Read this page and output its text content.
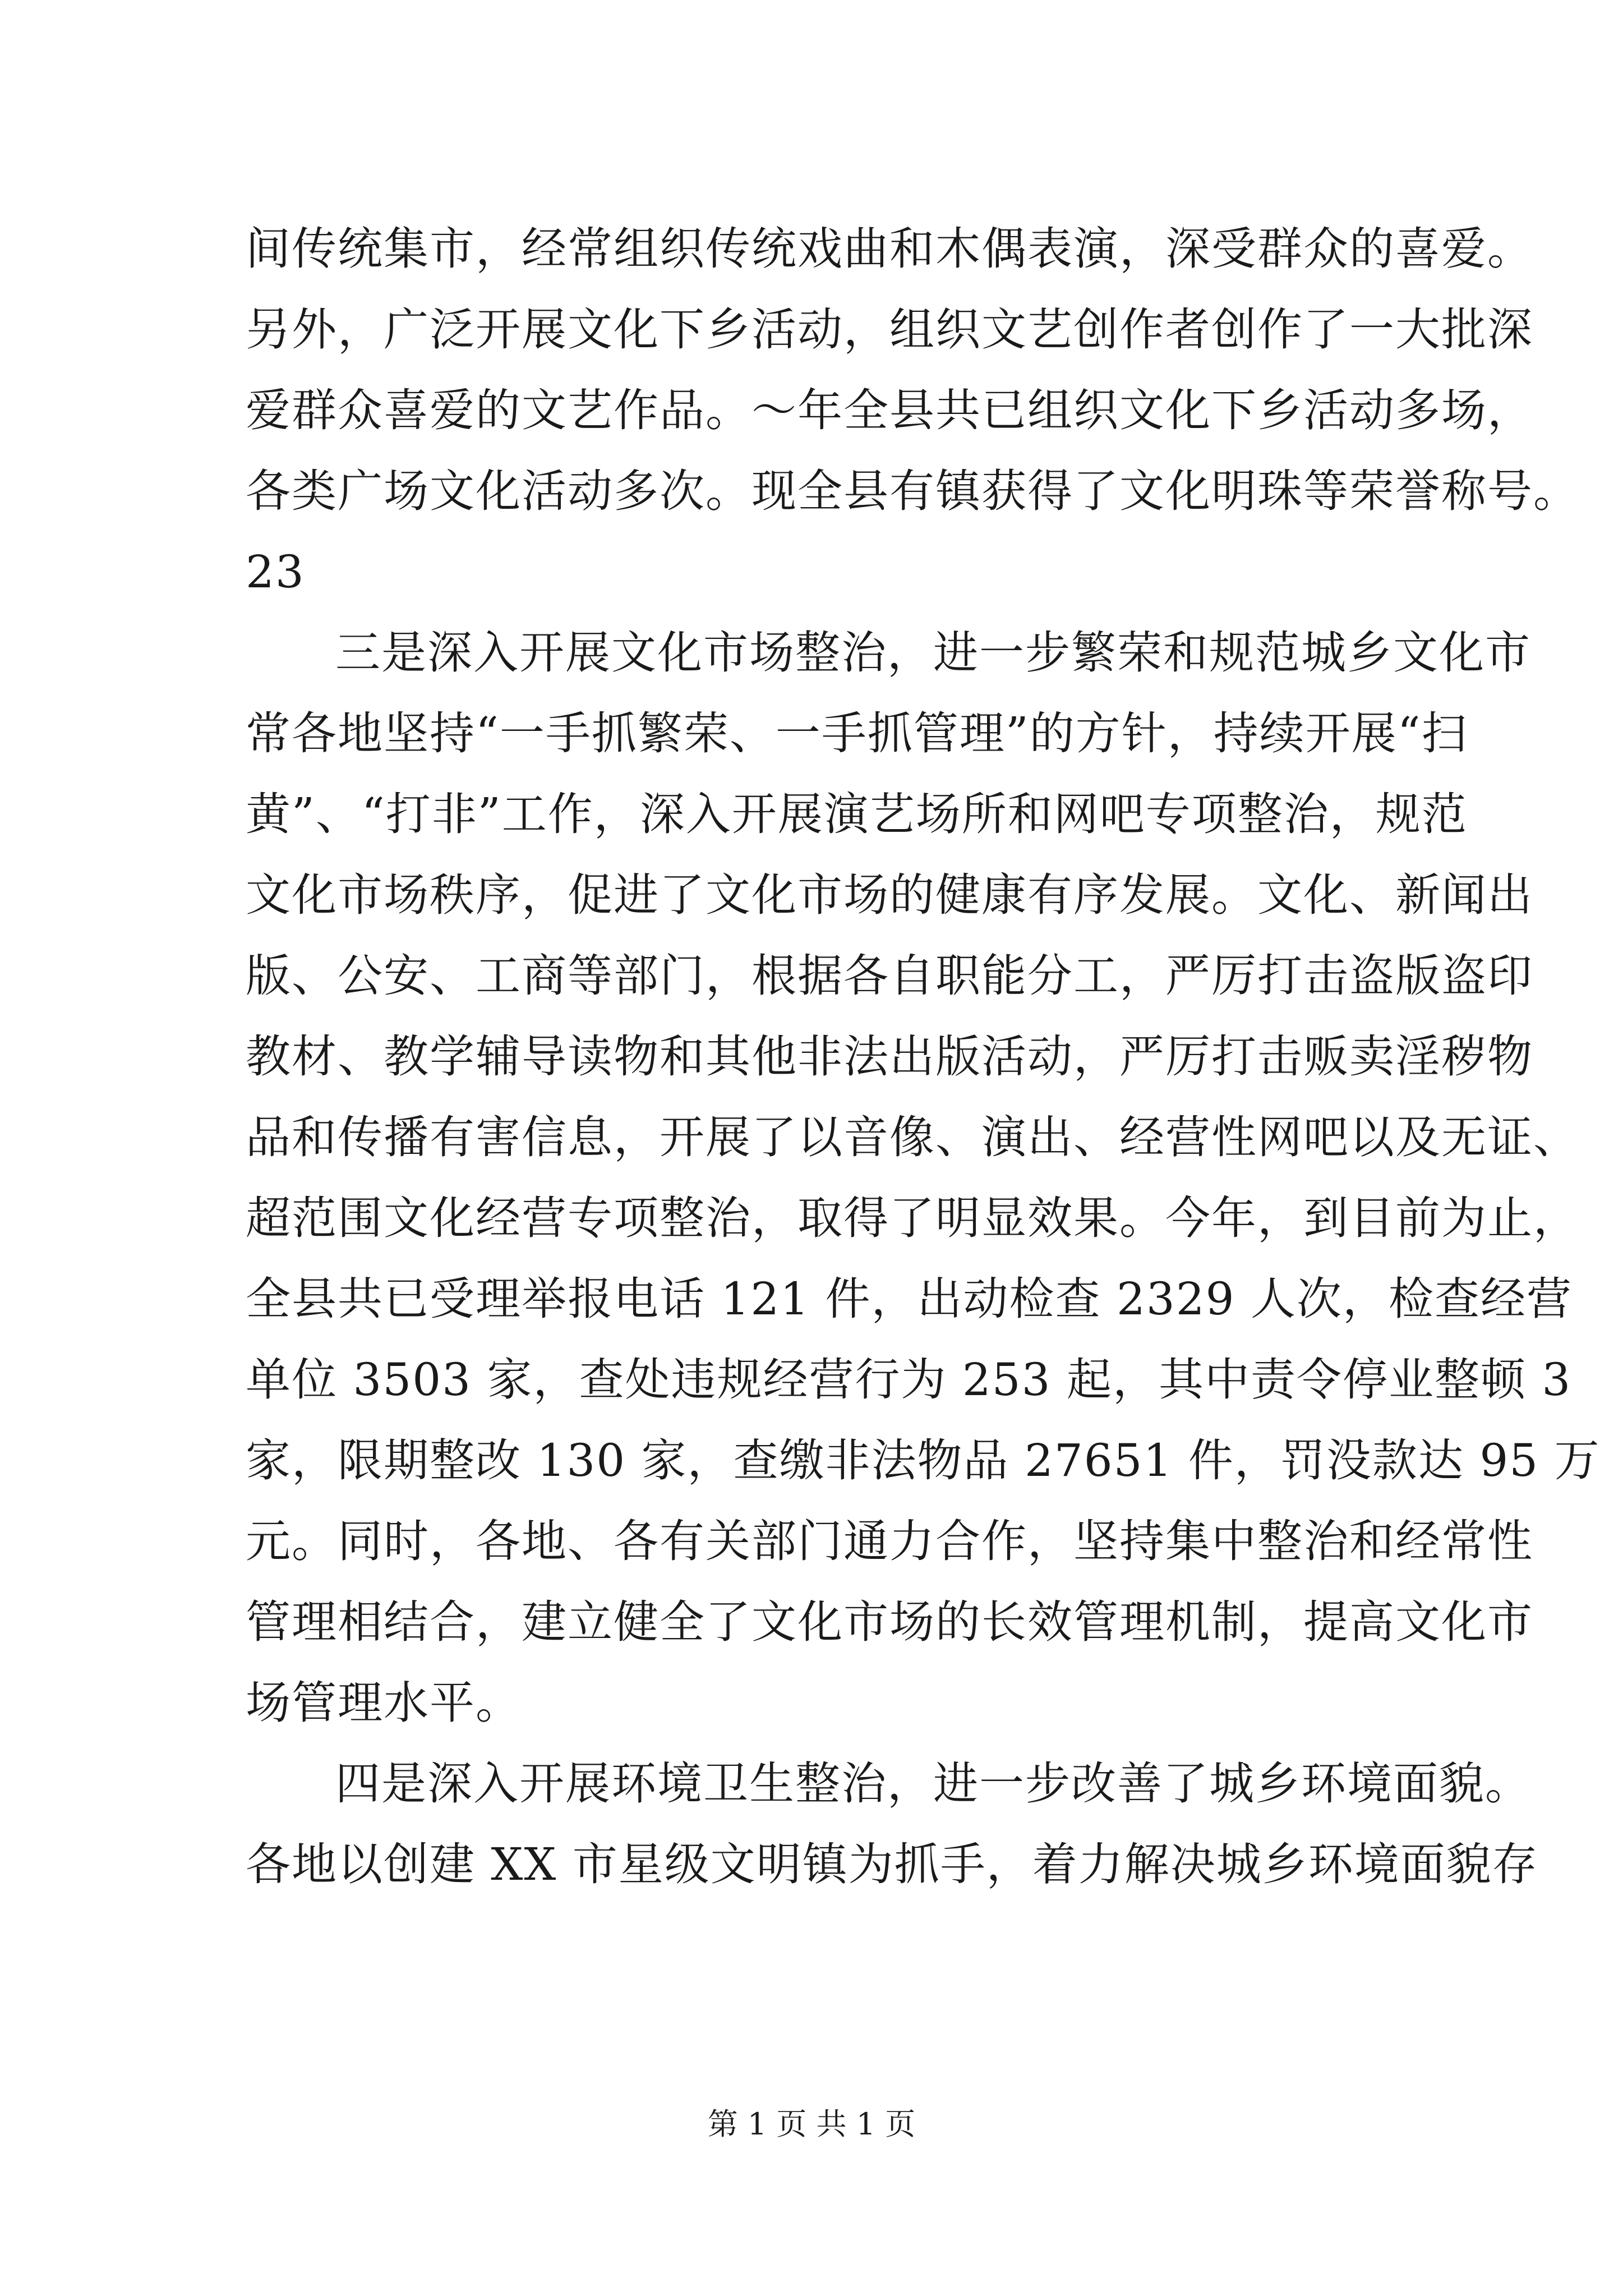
间传统集市，经常组织传统戏曲和木偶表演，深受群众的喜爱。
另外，广泛开展文化下乡活动，组织文艺创作者创作了一大批深
爱群众喜爱的文艺作品。～年全县共已组织文化下乡活动多场，
各类广场文化活动多次。现全县有镇获得了文化明珠等荣誉称号。
23
三是深入开展文化市场整治，进一步繁荣和规范城乡文化市
常各地坚持“一手抓繁荣、一手抓管理”的方针，持续开展“扫
黄”、“打非”工作，深入开展演艺场所和网吧专项整治，规范
文化市场秩序，促进了文化市场的健康有序发展。文化、新闻出
版、公安、工商等部门，根据各自职能分工，严厉打击盗版盗印
教材、教学辅导读物和其他非法出版活动，严厉打击贩卖淫秽物
品和传播有害信息，开展了以音像、演出、经营性网吧以及无证、
超范围文化经营专项整治，取得了明显效果。今年，到目前为止，
全县共已受理举报电话 121 件，出动检查 2329 人次，检查经营
单位 3503 家，查处违规经营行为 253 起，其中责令停业整顿 3
家，限期整改 130 家，查缴非法物品 27651 件，罚没款达 95 万
元。同时，各地、各有关部门通力合作，坚持集中整治和经常性
管理相结合，建立健全了文化市场的长效管理机制，提高文化市
场管理水平。
四是深入开展环境卫生整治，进一步改善了城乡环境面貌。
各地以创建 XX 市星级文明镇为抓手，着力解决城乡环境面貌存
第 1 页 共 1 页
